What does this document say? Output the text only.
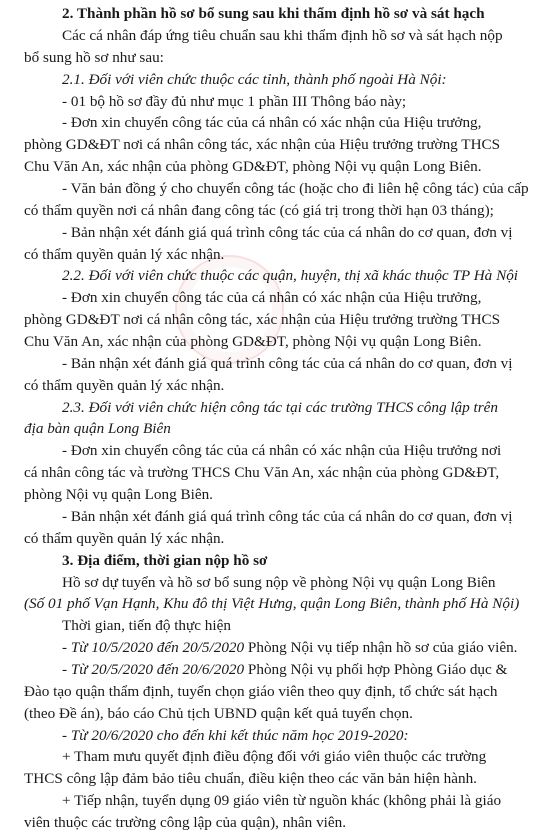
2. Thành phần hồ sơ bổ sung sau khi thẩm định hồ sơ và sát hạch
Các cá nhân đáp ứng tiêu chuẩn sau khi thẩm định hồ sơ và sát hạch nộp
bổ sung hồ sơ như sau:
2.1. Đối với viên chức thuộc các tỉnh, thành phố ngoài Hà Nội:
- 01 bộ hồ sơ đầy đủ như mục 1 phần III Thông báo này;
- Đơn xin chuyển công tác của cá nhân có xác nhận của Hiệu trưởng,
phòng GD&ĐT nơi cá nhân công tác, xác nhận của Hiệu trưởng trường THCS
Chu Văn An, xác nhận của phòng GD&ĐT, phòng Nội vụ quận Long Biên.
- Văn bản đồng ý cho chuyển công tác (hoặc cho đi liên hệ công tác) của cấp
có thẩm quyền nơi cá nhân đang công tác (có giá trị trong thời hạn 03 tháng);
- Bản nhận xét đánh giá quá trình công tác của cá nhân do cơ quan, đơn vị
có thẩm quyền quản lý xác nhận.
2.2. Đối với viên chức thuộc các quận, huyện, thị xã khác thuộc TP Hà Nội
- Đơn xin chuyển công tác của cá nhân có xác nhận của Hiệu trưởng,
phòng GD&ĐT nơi cá nhân công tác, xác nhận của Hiệu trưởng trường THCS
Chu Văn An, xác nhận của phòng GD&ĐT, phòng Nội vụ quận Long Biên.
- Bản nhận xét đánh giá quá trình công tác của cá nhân do cơ quan, đơn vị
có thẩm quyền quản lý xác nhận.
2.3. Đối với viên chức hiện công tác tại các trường THCS công lập trên
địa bàn quận Long Biên
- Đơn xin chuyển công tác của cá nhân có xác nhận của Hiệu trưởng nơi
cá nhân công tác và trường THCS Chu Văn An, xác nhận của phòng GD&ĐT,
phòng Nội vụ quận Long Biên.
- Bản nhận xét đánh giá quá trình công tác của cá nhân do cơ quan, đơn vị
có thẩm quyền quản lý xác nhận.
3. Địa điểm, thời gian nộp hồ sơ
Hồ sơ dự tuyển và hồ sơ bổ sung nộp về phòng Nội vụ quận Long Biên
(Số 01 phố Vạn Hạnh, Khu đô thị Việt Hưng, quận Long Biên, thành phố Hà Nội)
Thời gian, tiến độ thực hiện
- Từ 10/5/2020 đến 20/5/2020 Phòng Nội vụ tiếp nhận hồ sơ của giáo viên.
- Từ 20/5/2020 đến 20/6/2020 Phòng Nội vụ phối hợp Phòng Giáo dục &
Đào tạo quận thẩm định, tuyển chọn giáo viên theo quy định, tổ chức sát hạch
(theo Đề án), báo cáo Chủ tịch UBND quận kết quả tuyển chọn.
- Từ 20/6/2020 cho đến khi kết thúc năm học 2019-2020:
+ Tham mưu quyết định điều động đối với giáo viên thuộc các trường
THCS công lập đảm bảo tiêu chuẩn, điều kiện theo các văn bản hiện hành.
+ Tiếp nhận, tuyển dụng 09 giáo viên từ nguồn khác (không phải là giáo
viên thuộc các trường công lập của quận), nhân viên.
